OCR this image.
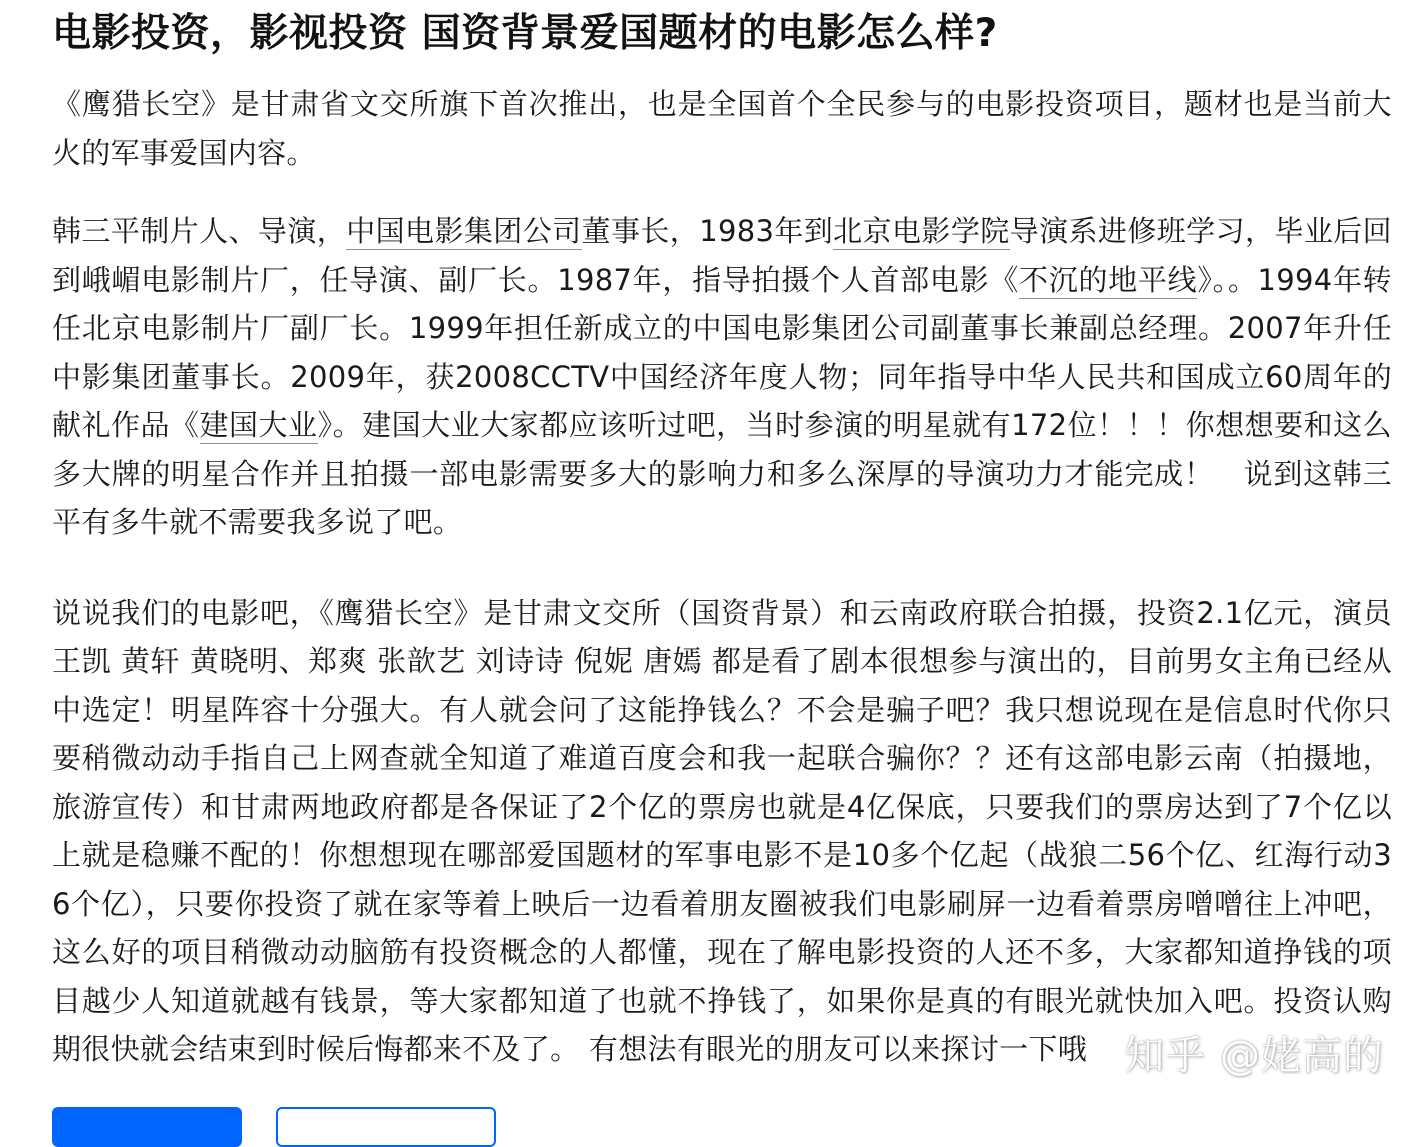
电影投资，影视投资 国资背景爱国题材的电影怎么样?

《鹰猎长空》是甘肃省文交所旗下首次推出，也是全国首个全民参与的电影投资项目，题材也是当前大火的军事爱国内容。

韩三平制片人、导演，中国电影集团公司董事长，1983年到北京电影学院导演系进修班学习，毕业后回到峨嵋电影制片厂，任导演、副厂长。1987年，指导拍摄个人首部电影《不沉的地平线》。。1994年转任北京电影制片厂副厂长。1999年担任新成立的中国电影集团公司副董事长兼副总经理。2007年升任中影集团董事长。2009年，获2008CCTV中国经济年度人物；同年指导中华人民共和国成立60周年的献礼作品《建国大业》。建国大业大家都应该听过吧，当时参演的明星就有172位！！！你想想要和这么多大牌的明星合作并且拍摄一部电影需要多大的影响力和多么深厚的导演功力才能完成！　说到这韩三平有多牛就不需要我多说了吧。

说说我们的电影吧，《鹰猎长空》是甘肃文交所（国资背景）和云南政府联合拍摄，投资2.1亿元，演员王凯 黄轩 黄晓明、郑爽 张歆艺 刘诗诗 倪妮 唐嫣 都是看了剧本很想参与演出的，目前男女主角已经从中选定！明星阵容十分强大。有人就会问了这能挣钱么？不会是骗子吧？我只想说现在是信息时代你只要稍微动动手指自己上网查就全知道了难道百度会和我一起联合骗你？？还有这部电影云南（拍摄地，旅游宣传）和甘肃两地政府都是各保证了2个亿的票房也就是4亿保底，只要我们的票房达到了7个亿以上就是稳赚不配的！你想想现在哪部爱国题材的军事电影不是10多个亿起（战狼二56个亿、红海行动36个亿），只要你投资了就在家等着上映后一边看着朋友圈被我们电影刷屏一边看着票房噌噌往上冲吧，这么好的项目稍微动动脑筋有投资概念的人都懂，现在了解电影投资的人还不多，大家都知道挣钱的项目越少人知道就越有钱景，等大家都知道了也就不挣钱了，如果你是真的有眼光就快加入吧。投资认购期很快就会结束到时候后悔都来不及了。 有想法有眼光的朋友可以来探讨一下哦 知乎 @姥高的
